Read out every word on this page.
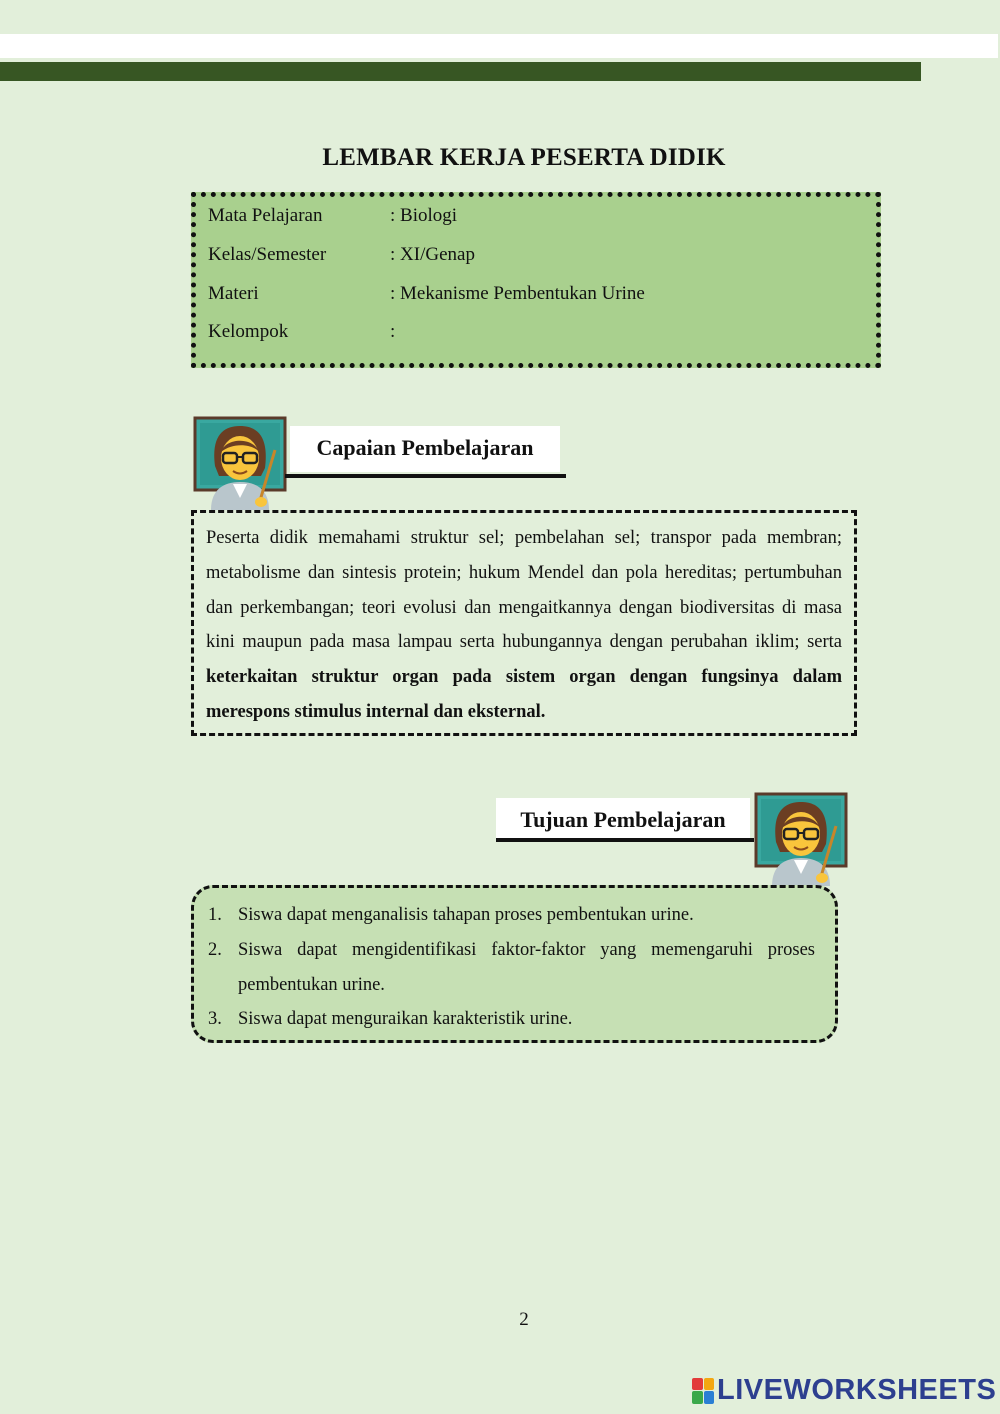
LEMBAR KERJA PESERTA DIDIK
Mata Pelajaran	: Biologi
Kelas/Semester	: XI/Genap
Materi	: Mekanisme Pembentukan Urine
Kelompok	:
Capaian Pembelajaran
Peserta didik memahami struktur sel; pembelahan sel; transpor pada membran; metabolisme dan sintesis protein; hukum Mendel dan pola hereditas; pertumbuhan dan perkembangan; teori evolusi dan mengaitkannya dengan biodiversitas di masa kini maupun pada masa lampau serta hubungannya dengan perubahan iklim; serta keterkaitan struktur organ pada sistem organ dengan fungsinya dalam merespons stimulus internal dan eksternal.
Tujuan Pembelajaran
1. Siswa dapat menganalisis tahapan proses pembentukan urine.
2. Siswa dapat mengidentifikasi faktor-faktor yang memengaruhi proses pembentukan urine.
3. Siswa dapat menguraikan karakteristik urine.
2
LIVEWORKSHEETS
